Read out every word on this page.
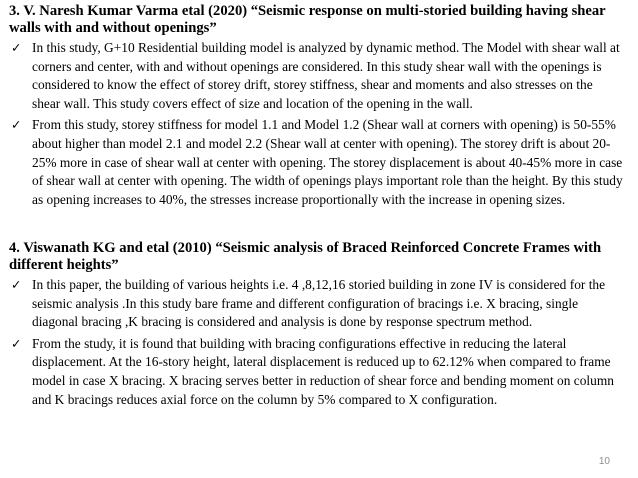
3. V. Naresh Kumar Varma etal (2020) “Seismic response on multi-storied building having shear walls with and without openings”
✓ In this study, G+10 Residential building model is analyzed by dynamic method. The Model with shear wall at corners and center, with and without openings are considered. In this study shear wall with the openings is considered to know the effect of storey drift, storey stiffness, shear and moments and also stresses on the shear wall. This study covers effect of size and location of the opening in the wall.
✓ From this study, storey stiffness for model 1.1 and Model 1.2 (Shear wall at corners with opening) is 50-55% about higher than model 2.1 and model 2.2 (Shear wall at center with opening). The storey drift is about 20-25% more in case of shear wall at center with opening. The storey displacement is about 40-45% more in case of shear wall at center with opening. The width of openings plays important role than the height. By this study as opening increases to 40%, the stresses increase proportionally with the increase in opening sizes.
4. Viswanath KG and etal (2010) “Seismic analysis of Braced Reinforced Concrete Frames with different heights”
✓ In this paper, the building of various heights i.e. 4 ,8,12,16 storied building in zone IV is considered for the seismic analysis .In this study bare frame and different configuration of bracings i.e. X bracing, single diagonal bracing ,K bracing is considered and analysis is done by response spectrum method.
✓ From the study, it is found that building with bracing configurations effective in reducing the lateral displacement. At the 16-story height, lateral displacement is reduced up to 62.12% when compared to frame model in case X bracing. X bracing serves better in reduction of shear force and bending moment on column and K bracings reduces axial force on the column by 5% compared to X configuration.
10
